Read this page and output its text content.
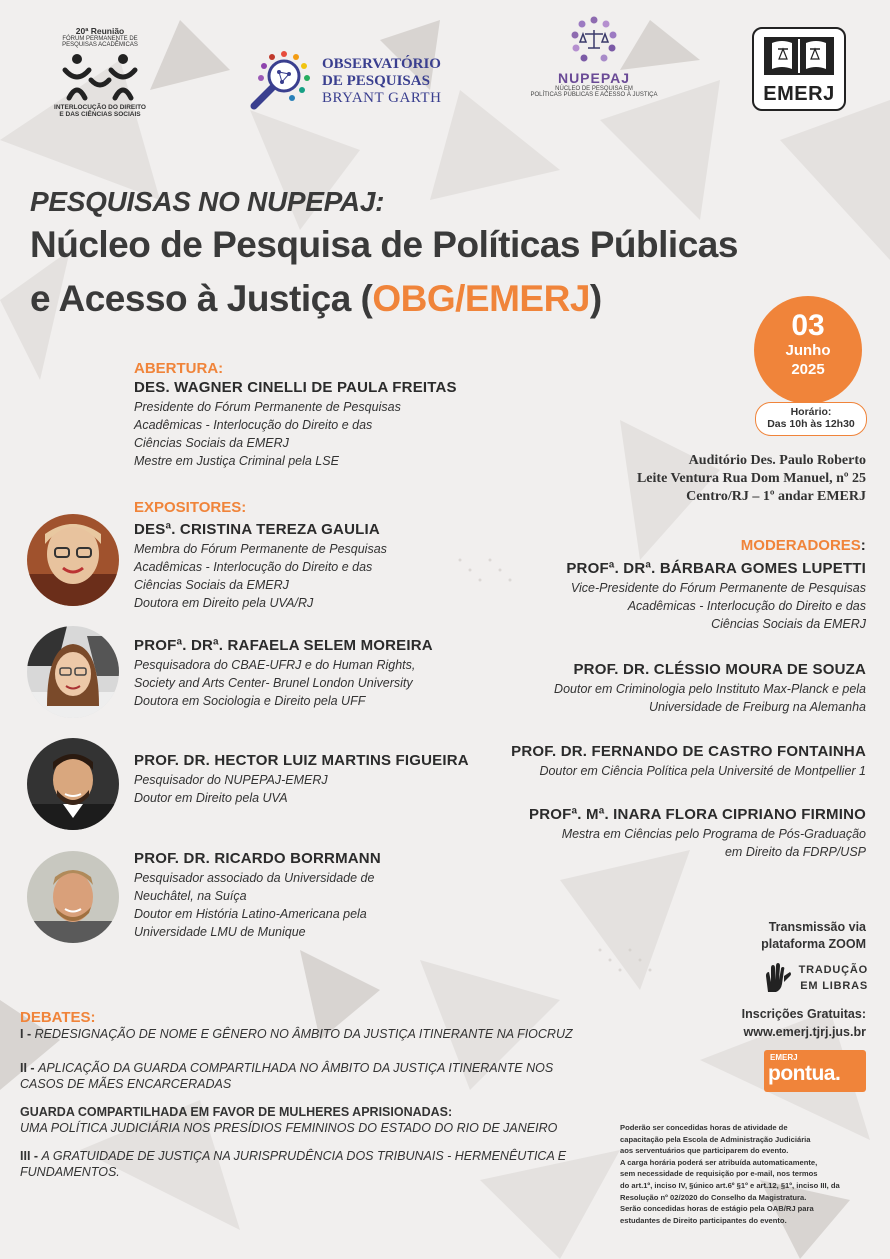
20ª Reunião
FÓRUM PERMANENTE DE
PESQUISAS ACADÊMICAS
INTERLOCUÇÃO DO DIREITO
E DAS CIÊNCIAS SOCIAIS
OBSERVATÓRIO
DE PESQUISAS
BRYANT GARTH
NUPEPAJ
NÚCLEO DE PESQUISA EM
POLÍTICAS PÚBLICAS E ACESSO À JUSTIÇA	EMERJ
PESQUISAS NO NUPEPAJ:
Núcleo de Pesquisa de Políticas Públicas
e Acesso à Justiça (OBG/EMERJ)
03
Junho
2025
Horário:
Das 10h às 12h30
Auditório Des. Paulo Roberto
Leite Ventura Rua Dom Manuel, nº 25
Centro/RJ – 1º andar EMERJ
ABERTURA:
DES. WAGNER CINELLI DE PAULA FREITAS
Presidente do Fórum Permanente de Pesquisas
Acadêmicas - Interlocução do Direito e das
Ciências Sociais da EMERJ
Mestre em Justiça Criminal pela LSE
EXPOSITORES:
DESª. CRISTINA TEREZA GAULIA
Membra do Fórum Permanente de Pesquisas
Acadêmicas - Interlocução do Direito e das
Ciências Sociais da EMERJ
Doutora em Direito pela UVA/RJ
PROFª. DRª. RAFAELA SELEM MOREIRA
Pesquisadora do CBAE-UFRJ e do Human Rights,
Society and Arts Center- Brunel London University
Doutora em Sociologia e Direito pela UFF
PROF. DR. HECTOR LUIZ MARTINS FIGUEIRA
Pesquisador do NUPEPAJ-EMERJ
Doutor em Direito pela UVA
PROF. DR. RICARDO BORRMANN
Pesquisador associado da Universidade de
Neuchâtel, na Suíça
Doutor em História Latino-Americana pela
Universidade LMU de Munique
MODERADORES:
PROFª. DRª. BÁRBARA GOMES LUPETTI
Vice-Presidente do Fórum Permanente de Pesquisas
Acadêmicas - Interlocução do Direito e das
Ciências Sociais da EMERJ
PROF. DR. CLÉSSIO MOURA DE SOUZA
Doutor em Criminologia pelo Instituto Max-Planck e pela
Universidade de Freiburg na Alemanha
PROF. DR. FERNANDO DE CASTRO FONTAINHA
Doutor em Ciência Política pela Université de Montpellier 1
PROFª. Mª. INARA FLORA CIPRIANO FIRMINO
Mestra em Ciências pelo Programa de Pós-Graduação
em Direito da FDRP/USP
Transmissão via
plataforma ZOOM
TRADUÇÃO
EM LIBRAS
Inscrições Gratuitas:
www.emerj.tjrj.jus.br
EMERJ
pontua.
DEBATES:
I - REDESIGNAÇÃO DE NOME E GÊNERO NO ÂMBITO DA JUSTIÇA ITINERANTE NA FIOCRUZ
II - APLICAÇÃO DA GUARDA COMPARTILHADA NO ÂMBITO DA JUSTIÇA ITINERANTE NOS
CASOS DE MÃES ENCARCERADAS
GUARDA COMPARTILHADA EM FAVOR DE MULHERES APRISIONADAS:
UMA POLÍTICA JUDICIÁRIA NOS PRESÍDIOS FEMININOS DO ESTADO DO RIO DE JANEIRO
III - A GRATUIDADE DE JUSTIÇA NA JURISPRUDÊNCIA DOS TRIBUNAIS - HERMENÊUTICA E
FUNDAMENTOS.
Poderão ser concedidas horas de atividade de
capacitação pela Escola de Administração Judiciária
aos serventuários que participarem do evento.
A carga horária poderá ser atribuída automaticamente,
sem necessidade de requisição por e-mail, nos termos
do art.1º, inciso IV, §único art.6º §1º e art.12, §1º, inciso III, da
Resolução nº 02/2020 do Conselho da Magistratura.
Serão concedidas horas de estágio pela OAB/RJ para
estudantes de Direito participantes do evento.
